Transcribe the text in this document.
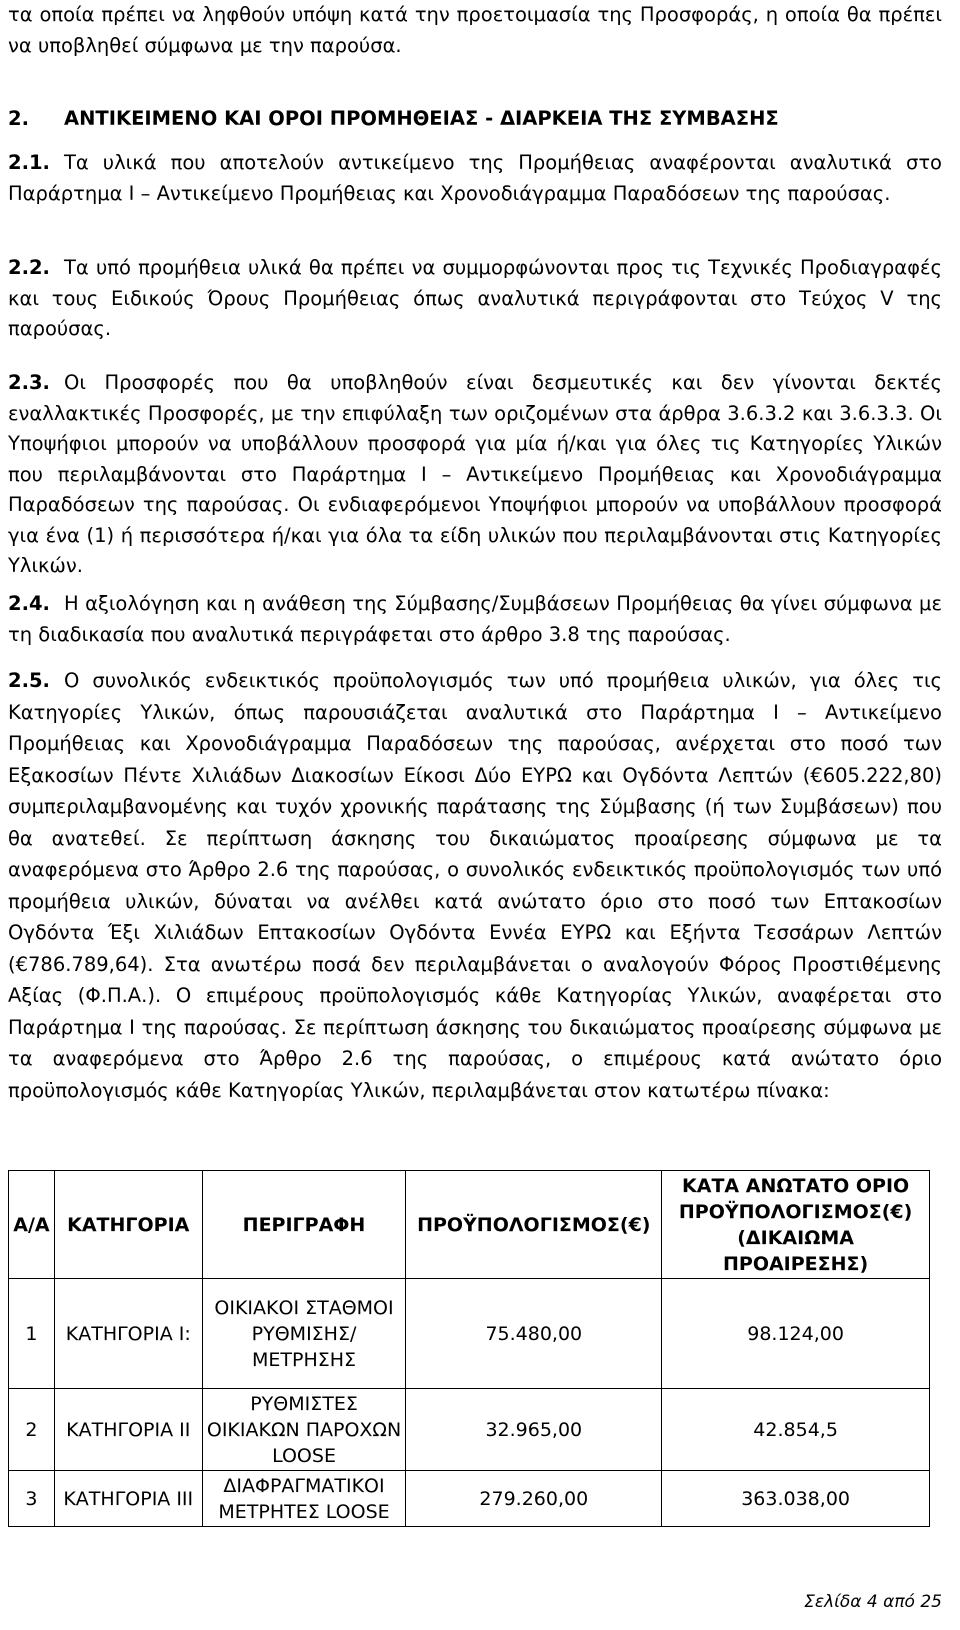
τα οποία πρέπει να ληφθούν υπόψη κατά την προετοιμασία της Προσφοράς, η οποία θα πρέπει να υποβληθεί σύμφωνα με την παρούσα.

2. ΑΝΤΙΚΕΙΜΕΝΟ ΚΑΙ ΟΡΟΙ ΠΡΟΜΗΘΕΙΑΣ - ΔΙΑΡΚΕΙΑ ΤΗΣ ΣΥΜΒΑΣΗΣ

2.1. Τα υλικά που αποτελούν αντικείμενο της Προμήθειας αναφέρονται αναλυτικά στο Παράρτημα Ι – Αντικείμενο Προμήθειας και Χρονοδιάγραμμα Παραδόσεων της παρούσας.

2.2. Τα υπό προμήθεια υλικά θα πρέπει να συμμορφώνονται προς τις Τεχνικές Προδιαγραφές και τους Ειδικούς Όρους Προμήθειας όπως αναλυτικά περιγράφονται στο Τεύχος V της παρούσας.

2.3. Οι Προσφορές που θα υποβληθούν είναι δεσμευτικές και δεν γίνονται δεκτές εναλλακτικές Προσφορές, με την επιφύλαξη των οριζομένων στα άρθρα 3.6.3.2 και 3.6.3.3. Οι Υποψήφιοι μπορούν να υποβάλλουν προσφορά για μία ή/και για όλες τις Κατηγορίες Υλικών που περιλαμβάνονται στο Παράρτημα Ι – Αντικείμενο Προμήθειας και Χρονοδιάγραμμα Παραδόσεων της παρούσας. Οι ενδιαφερόμενοι Υποψήφιοι μπορούν να υποβάλλουν προσφορά για ένα (1) ή περισσότερα ή/και για όλα τα είδη υλικών που περιλαμβάνονται στις Κατηγορίες Υλικών.

2.4. Η αξιολόγηση και η ανάθεση της Σύμβασης/Συμβάσεων Προμήθειας θα γίνει σύμφωνα με τη διαδικασία που αναλυτικά περιγράφεται στο άρθρο 3.8 της παρούσας.

2.5. Ο συνολικός ενδεικτικός προϋπολογισμός των υπό προμήθεια υλικών, για όλες τις Κατηγορίες Υλικών, όπως παρουσιάζεται αναλυτικά στο Παράρτημα Ι – Αντικείμενο Προμήθειας και Χρονοδιάγραμμα Παραδόσεων της παρούσας, ανέρχεται στο ποσό των Εξακοσίων Πέντε Χιλιάδων Διακοσίων Είκοσι Δύο ΕΥΡΩ και Ογδόντα Λεπτών (€605.222,80) συμπεριλαμβανομένης και τυχόν χρονικής παράτασης της Σύμβασης (ή των Συμβάσεων) που θα ανατεθεί. Σε περίπτωση άσκησης του δικαιώματος προαίρεσης σύμφωνα με τα αναφερόμενα στο Άρθρο 2.6 της παρούσας, ο συνολικός ενδεικτικός προϋπολογισμός των υπό προμήθεια υλικών, δύναται να ανέλθει κατά ανώτατο όριο στο ποσό των Επτακοσίων Ογδόντα Έξι Χιλιάδων Επτακοσίων Ογδόντα Εννέα ΕΥΡΩ και Εξήντα Τεσσάρων Λεπτών (€786.789,64). Στα ανωτέρω ποσά δεν περιλαμβάνεται ο αναλογούν Φόρος Προστιθέμενης Αξίας (Φ.Π.Α.). Ο επιμέρους προϋπολογισμός κάθε Κατηγορίας Υλικών, αναφέρεται στο Παράρτημα Ι της παρούσας. Σε περίπτωση άσκησης του δικαιώματος προαίρεσης σύμφωνα με τα αναφερόμενα στο Άρθρο 2.6 της παρούσας, ο επιμέρους κατά ανώτατο όριο προϋπολογισμός κάθε Κατηγορίας Υλικών, περιλαμβάνεται στον κατωτέρω πίνακα:

Α/Α	ΚΑΤΗΓΟΡΙΑ	ΠΕΡΙΓΡΑΦΗ	ΠΡΟΫΠΟΛΟΓΙΣΜΟΣ(€)	ΚΑΤΑ ΑΝΩΤΑΤΟ ΟΡΙΟ ΠΡΟΫΠΟΛΟΓΙΣΜΟΣ(€) (ΔΙΚΑΙΩΜΑ ΠΡΟΑΙΡΕΣΗΣ)
1	ΚΑΤΗΓΟΡΙΑ Ι:	ΟΙΚΙΑΚΟΙ ΣΤΑΘΜΟΙ ΡΥΘΜΙΣΗΣ/ ΜΕΤΡΗΣΗΣ	75.480,00	98.124,00
2	ΚΑΤΗΓΟΡΙΑ ΙΙ	ΡΥΘΜΙΣΤΕΣ ΟΙΚΙΑΚΩΝ ΠΑΡΟΧΩΝ LOOSE	32.965,00	42.854,5
3	ΚΑΤΗΓΟΡΙΑ ΙΙΙ	ΔΙΑΦΡΑΓΜΑΤΙΚΟΙ ΜΕΤΡΗΤΕΣ LOOSE	279.260,00	363.038,00
Σελίδα 4 από 25
